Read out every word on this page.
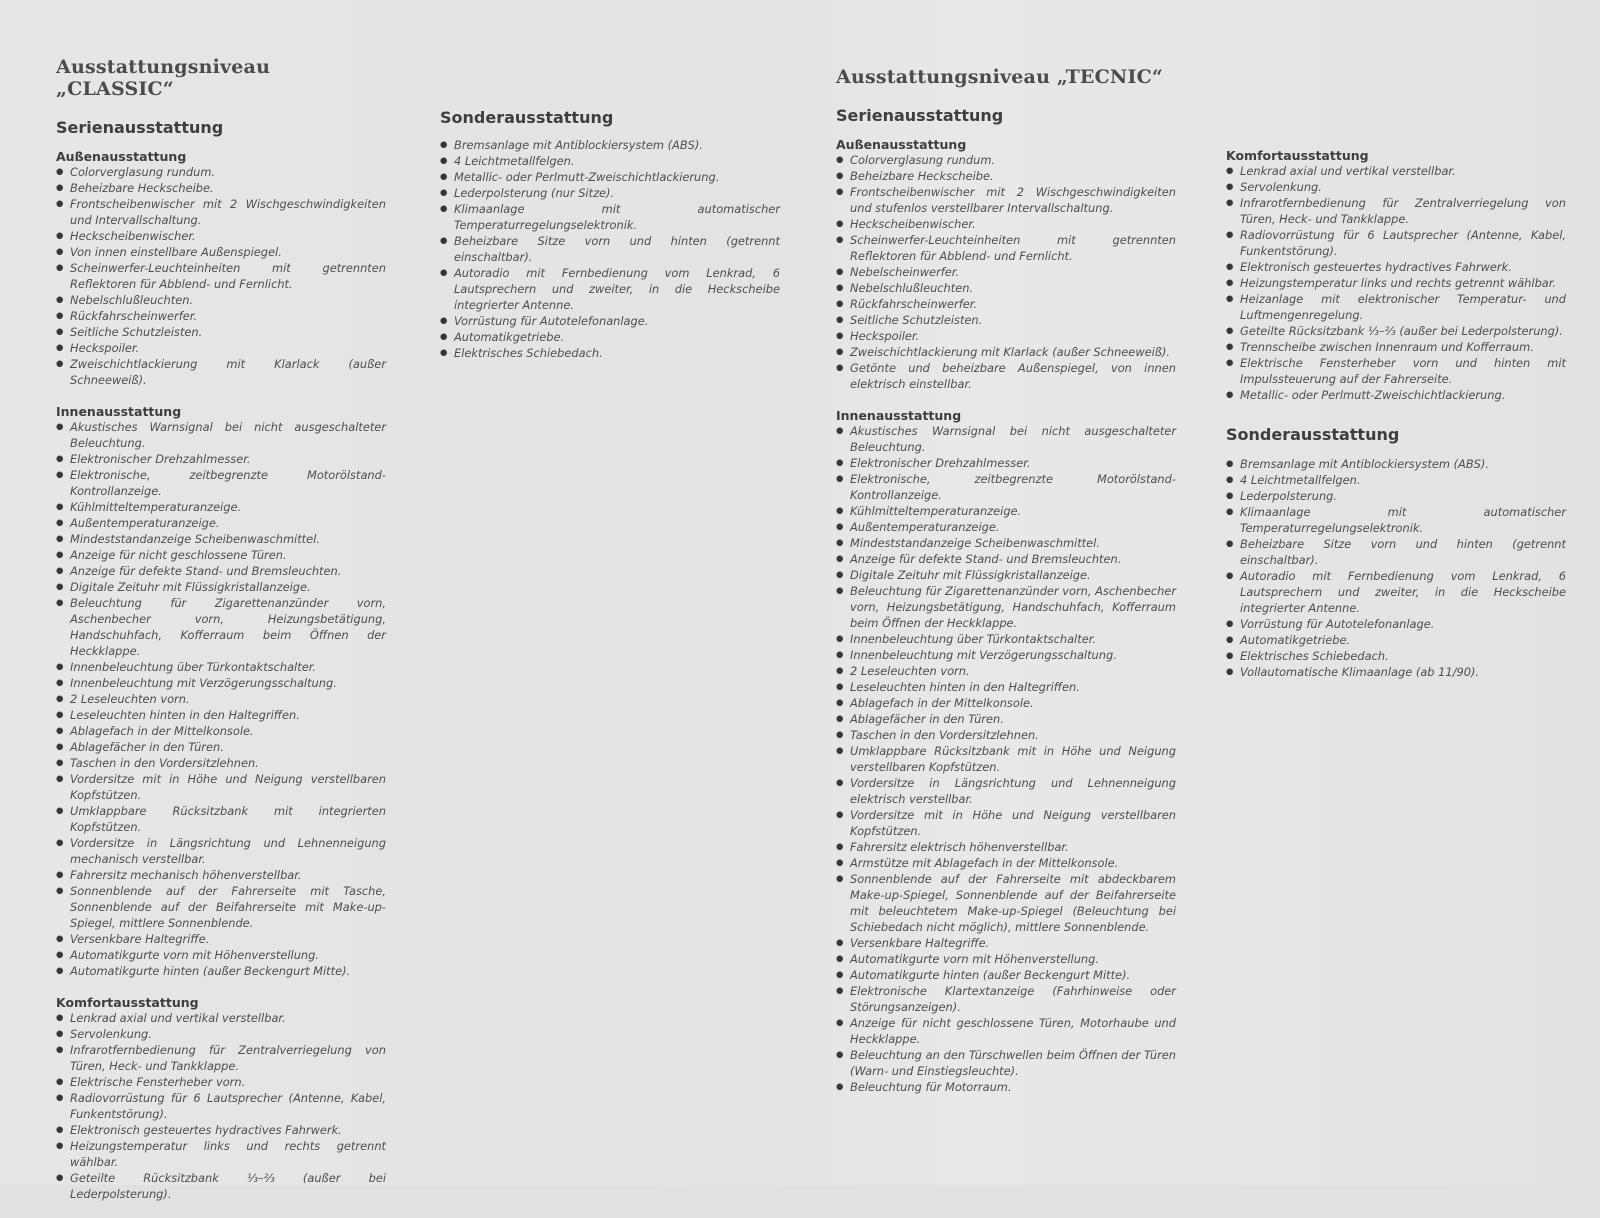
Ausstattungsniveau „CLASSIC“
Serienausstattung
Außenausstattung
● Colorverglasung rundum.
● Beheizbare Heckscheibe.
● Frontscheibenwischer mit 2 Wischgeschwindigkeiten und Intervallschaltung.
● Heckscheibenwischer.
● Von innen einstellbare Außenspiegel.
● Scheinwerfer-Leuchteinheiten mit getrennten Reflektoren für Abblend- und Fernlicht.
● Nebelschlußleuchten.
● Rückfahrscheinwerfer.
● Seitliche Schutzleisten.
● Heckspoiler.
● Zweischichtlackierung mit Klarlack (außer Schneeweiß).
Innenausstattung
● Akustisches Warnsignal bei nicht ausgeschalteter Beleuchtung.
● Elektronischer Drehzahlmesser.
● Elektronische, zeitbegrenzte Motorölstand-Kontrollanzeige.
● Kühlmitteltemperaturanzeige.
● Außentemperaturanzeige.
● Mindeststandanzeige Scheibenwaschmittel.
● Anzeige für nicht geschlossene Türen.
● Anzeige für defekte Stand- und Bremsleuchten.
● Digitale Zeituhr mit Flüssigkristallanzeige.
● Beleuchtung für Zigarettenanzünder vorn, Aschenbecher vorn, Heizungsbetätigung, Handschuhfach, Kofferraum beim Öffnen der Heckklappe.
● Innenbeleuchtung über Türkontaktschalter.
● Innenbeleuchtung mit Verzögerungsschaltung.
● 2 Leseleuchten vorn.
● Leseleuchten hinten in den Haltegriffen.
● Ablagefach in der Mittelkonsole.
● Ablagefächer in den Türen.
● Taschen in den Vordersitzlehnen.
● Vordersitze mit in Höhe und Neigung verstellbaren Kopfstützen.
● Umklappbare Rücksitzbank mit integrierten Kopfstützen.
● Vordersitze in Längsrichtung und Lehnenneigung mechanisch verstellbar.
● Fahrersitz mechanisch höhenverstellbar.
● Sonnenblende auf der Fahrerseite mit Tasche, Sonnenblende auf der Beifahrerseite mit Make-up-Spiegel, mittlere Sonnenblende.
● Versenkbare Haltegriffe.
● Automatikgurte vorn mit Höhenverstellung.
● Automatikgurte hinten (außer Beckengurt Mitte).
Komfortausstattung
● Lenkrad axial und vertikal verstellbar.
● Servolenkung.
● Infrarotfernbedienung für Zentralverriegelung von Türen, Heck- und Tankklappe.
● Elektrische Fensterheber vorn.
● Radiovorrüstung für 6 Lautsprecher (Antenne, Kabel, Funkentstörung).
● Elektronisch gesteuertes hydractives Fahrwerk.
● Heizungstemperatur links und rechts getrennt wählbar.
● Geteilte Rücksitzbank ⅓–⅔ (außer bei Lederpolsterung).
Sonderausstattung
● Bremsanlage mit Antiblockiersystem (ABS).
● 4 Leichtmetallfelgen.
● Metallic- oder Perlmutt-Zweischichtlackierung.
● Lederpolsterung (nur Sitze).
● Klimaanlage mit automatischer Temperaturregelungselektronik.
● Beheizbare Sitze vorn und hinten (getrennt einschaltbar).
● Autoradio mit Fernbedienung vom Lenkrad, 6 Lautsprechern und zweiter, in die Heckscheibe integrierter Antenne.
● Vorrüstung für Autotelefonanlage.
● Automatikgetriebe.
● Elektrisches Schiebedach.
Ausstattungsniveau „TECNIC“
Serienausstattung
Außenausstattung
● Colorverglasung rundum.
● Beheizbare Heckscheibe.
● Frontscheibenwischer mit 2 Wischgeschwindigkeiten und stufenlos verstellbarer Intervallschaltung.
● Heckscheibenwischer.
● Scheinwerfer-Leuchteinheiten mit getrennten Reflektoren für Abblend- und Fernlicht.
● Nebelscheinwerfer.
● Nebelschlußleuchten.
● Rückfahrscheinwerfer.
● Seitliche Schutzleisten.
● Heckspoiler.
● Zweischichtlackierung mit Klarlack (außer Schneeweiß).
● Getönte und beheizbare Außenspiegel, von innen elektrisch einstellbar.
Innenausstattung
● Akustisches Warnsignal bei nicht ausgeschalteter Beleuchtung.
● Elektronischer Drehzahlmesser.
● Elektronische, zeitbegrenzte Motorölstand-Kontrollanzeige.
● Kühlmitteltemperaturanzeige.
● Außentemperaturanzeige.
● Mindeststandanzeige Scheibenwaschmittel.
● Anzeige für defekte Stand- und Bremsleuchten.
● Digitale Zeituhr mit Flüssigkristallanzeige.
● Beleuchtung für Zigarettenanzünder vorn, Aschenbecher vorn, Heizungsbetätigung, Handschuhfach, Kofferraum beim Öffnen der Heckklappe.
● Innenbeleuchtung über Türkontaktschalter.
● Innenbeleuchtung mit Verzögerungsschaltung.
● 2 Leseleuchten vorn.
● Leseleuchten hinten in den Haltegriffen.
● Ablagefach in der Mittelkonsole.
● Ablagefächer in den Türen.
● Taschen in den Vordersitzlehnen.
● Umklappbare Rücksitzbank mit in Höhe und Neigung verstellbaren Kopfstützen.
● Vordersitze in Längsrichtung und Lehnenneigung elektrisch verstellbar.
● Vordersitze mit in Höhe und Neigung verstellbaren Kopfstützen.
● Fahrersitz elektrisch höhenverstellbar.
● Armstütze mit Ablagefach in der Mittelkonsole.
● Sonnenblende auf der Fahrerseite mit abdeckbarem Make-up-Spiegel, Sonnenblende auf der Beifahrerseite mit beleuchtetem Make-up-Spiegel (Beleuchtung bei Schiebedach nicht möglich), mittlere Sonnenblende.
● Versenkbare Haltegriffe.
● Automatikgurte vorn mit Höhenverstellung.
● Automatikgurte hinten (außer Beckengurt Mitte).
● Elektronische Klartextanzeige (Fahrhinweise oder Störungsanzeigen).
● Anzeige für nicht geschlossene Türen, Motorhaube und Heckklappe.
● Beleuchtung an den Türschwellen beim Öffnen der Türen (Warn- und Einstiegsleuchte).
● Beleuchtung für Motorraum.
Komfortausstattung
● Lenkrad axial und vertikal verstellbar.
● Servolenkung.
● Infrarotfernbedienung für Zentralverriegelung von Türen, Heck- und Tankklappe.
● Radiovorrüstung für 6 Lautsprecher (Antenne, Kabel, Funkentstörung).
● Elektronisch gesteuertes hydractives Fahrwerk.
● Heizungstemperatur links und rechts getrennt wählbar.
● Heizanlage mit elektronischer Temperatur- und Luftmengenregelung.
● Geteilte Rücksitzbank ⅓–⅔ (außer bei Lederpolsterung).
● Trennscheibe zwischen Innenraum und Kofferraum.
● Elektrische Fensterheber vorn und hinten mit Impulssteuerung auf der Fahrerseite.
● Metallic- oder Perlmutt-Zweischichtlackierung.
Sonderausstattung
● Bremsanlage mit Antiblockiersystem (ABS).
● 4 Leichtmetallfelgen.
● Lederpolsterung.
● Klimaanlage mit automatischer Temperaturregelungselektronik.
● Beheizbare Sitze vorn und hinten (getrennt einschaltbar).
● Autoradio mit Fernbedienung vom Lenkrad, 6 Lautsprechern und zweiter, in die Heckscheibe integrierter Antenne.
● Vorrüstung für Autotelefonanlage.
● Automatikgetriebe.
● Elektrisches Schiebedach.
● Vollautomatische Klimaanlage (ab 11/90).
